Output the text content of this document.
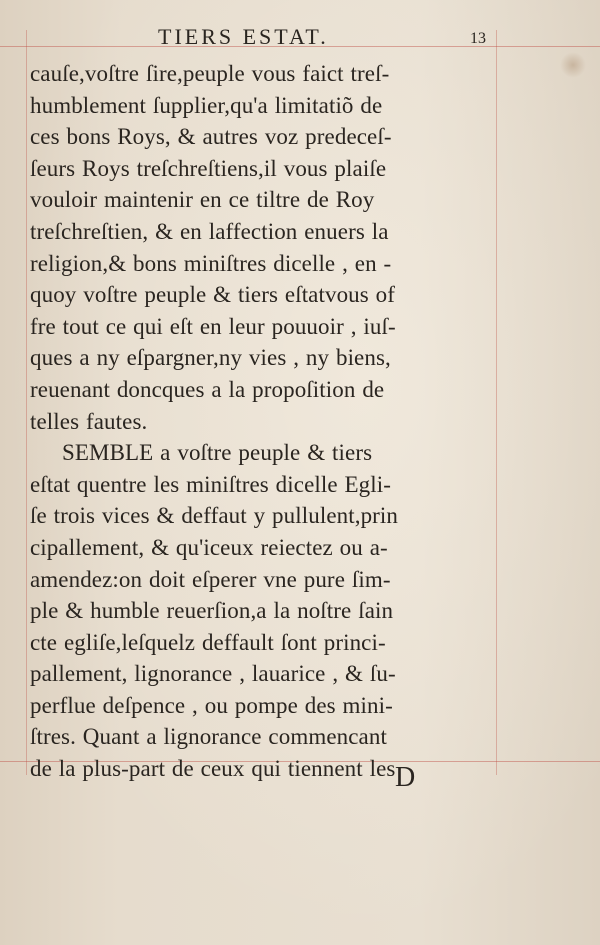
TIERS ESTAT.	13
cauſe,voſtre ſire,peuple vous faict treſ-
humblement ſupplier,qu'a limitatiõ de
ces bons Roys, & autres voz predeceſ-
ſeurs Roys treſchreſtiens,il vous plaiſe
vouloir maintenir en ce tiltre de Roy
treſchreſtien, & en laffection enuers la
religion,& bons miniſtres dicelle , en -
quoy voſtre peuple & tiers eſtatvous of
fre tout ce qui eſt en leur pouuoir , iuſ-
ques a ny eſpargner,ny vies , ny biens,
reuenant doncques a la propoſition de
telles fautes.
SEMBLE a voſtre peuple & tiers
eſtat quentre les miniſtres dicelle Egli-
ſe trois vices & deffaut y pullulent,prin
cipallement, & qu'iceux reiectez ou a-
amendez:on doit eſperer vne pure ſim-
ple & humble reuerſion,a la noſtre ſain
cte egliſe,leſquelz deffault ſont princi-
pallement, lignorance , lauarice , & ſu-
perflue deſpence , ou pompe des mini-
ſtres. Quant a lignorance commencant
de la plus-part de ceux qui tiennent les D
